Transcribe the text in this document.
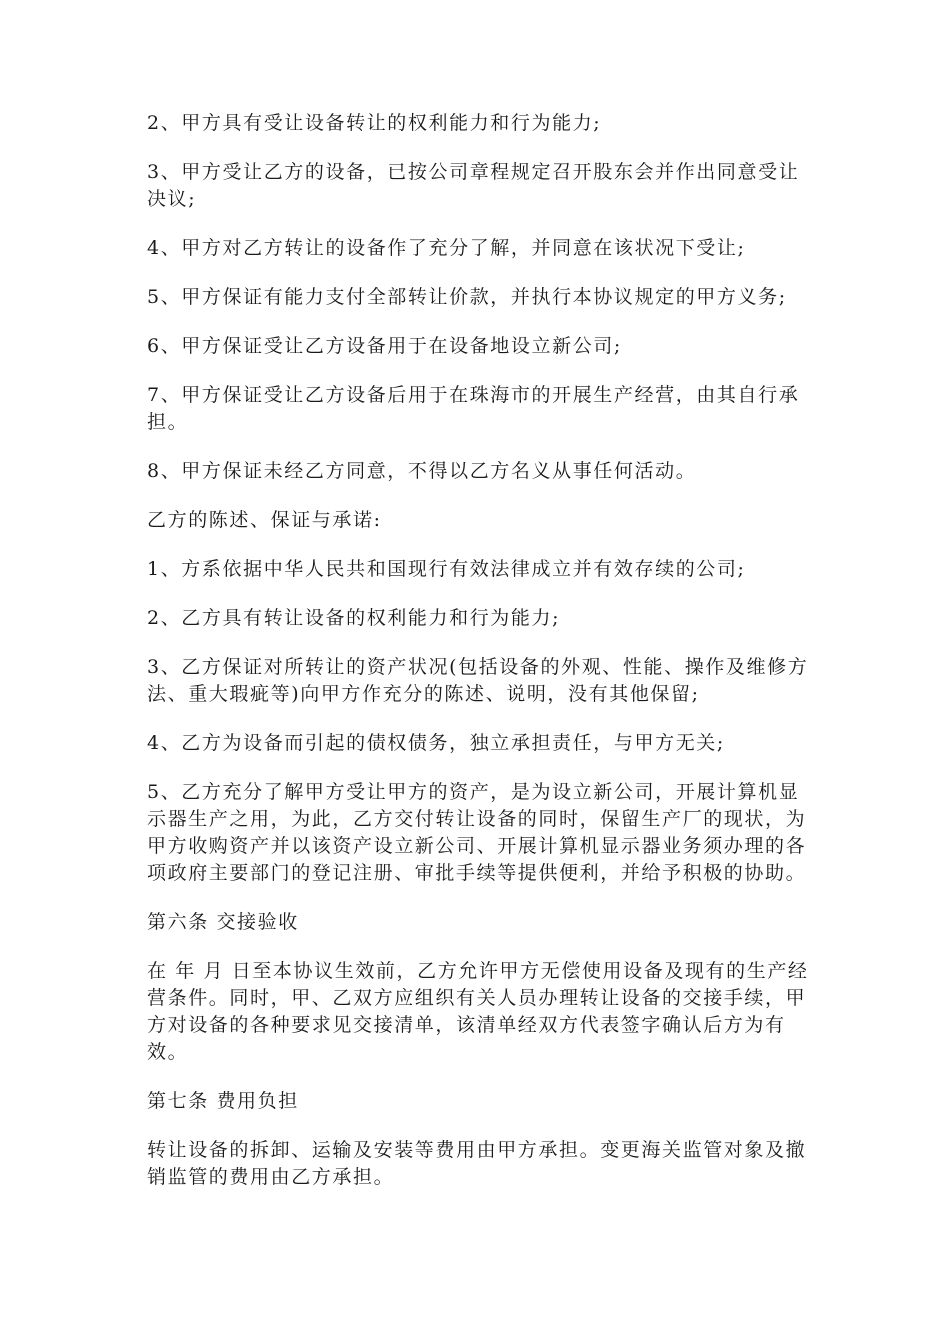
2、甲方具有受让设备转让的权利能力和行为能力;

3、甲方受让乙方的设备，已按公司章程规定召开股东会并作出同意受让决议;

4、甲方对乙方转让的设备作了充分了解，并同意在该状况下受让;

5、甲方保证有能力支付全部转让价款，并执行本协议规定的甲方义务;

6、甲方保证受让乙方设备用于在设备地设立新公司;

7、甲方保证受让乙方设备后用于在珠海市的开展生产经营，由其自行承担。

8、甲方保证未经乙方同意，不得以乙方名义从事任何活动。

乙方的陈述、保证与承诺:

1、方系依据中华人民共和国现行有效法律成立并有效存续的公司;

2、乙方具有转让设备的权利能力和行为能力;

3、乙方保证对所转让的资产状况(包括设备的外观、性能、操作及维修方法、重大瑕疵等)向甲方作充分的陈述、说明，没有其他保留;

4、乙方为设备而引起的债权债务，独立承担责任，与甲方无关;

5、乙方充分了解甲方受让甲方的资产，是为设立新公司，开展计算机显示器生产之用，为此，乙方交付转让设备的同时，保留生产厂的现状，为甲方收购资产并以该资产设立新公司、开展计算机显示器业务须办理的各项政府主要部门的登记注册、审批手续等提供便利，并给予积极的协助。

第六条 交接验收

在 年 月 日至本协议生效前，乙方允许甲方无偿使用设备及现有的生产经营条件。同时，甲、乙双方应组织有关人员办理转让设备的交接手续，甲方对设备的各种要求见交接清单，该清单经双方代表签字确认后方为有效。

第七条 费用负担

转让设备的拆卸、运输及安装等费用由甲方承担。变更海关监管对象及撤销监管的费用由乙方承担。
